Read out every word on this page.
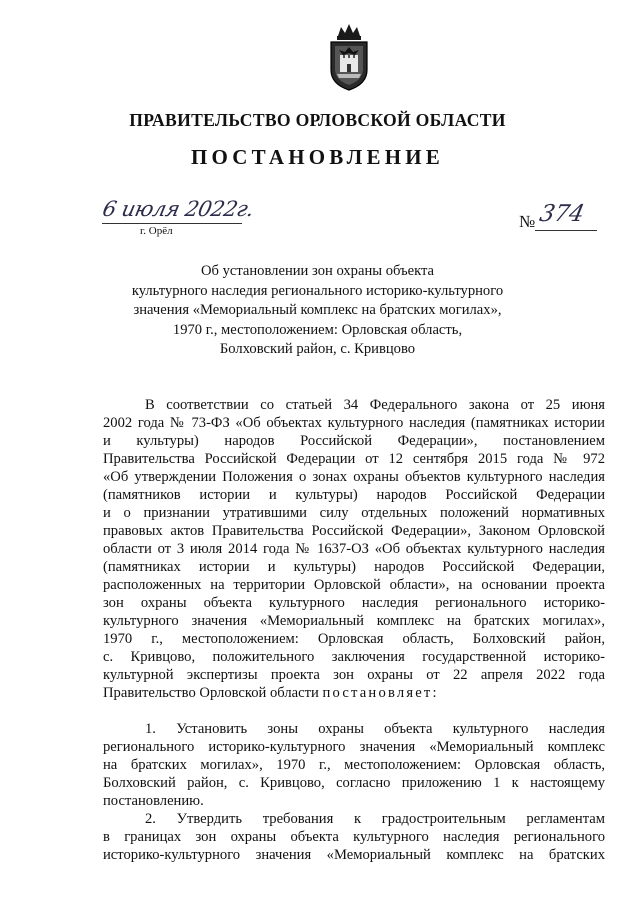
ПРАВИТЕЛЬСТВО ОРЛОВСКОЙ ОБЛАСТИ
ПОСТАНОВЛЕНИЕ
6 июля 2022г.
г. Орёл	№ 374
Об установлении зон охраны объекта
культурного наследия регионального историко-культурного
значения «Мемориальный комплекс на братских могилах»,
1970 г., местоположением: Орловская область,
Болховский район, с. Кривцово
В соответствии со статьей 34 Федерального закона от 25 июня
2002 года № 73-ФЗ «Об объектах культурного наследия (памятниках истории
и культуры) народов Российской Федерации», постановлением
Правительства Российской Федерации от 12 сентября 2015 года № 972
«Об утверждении Положения о зонах охраны объектов культурного наследия
(памятников истории и культуры) народов Российской Федерации
и о признании утратившими силу отдельных положений нормативных
правовых актов Правительства Российской Федерации», Законом Орловской
области от 3 июля 2014 года № 1637-ОЗ «Об объектах культурного наследия
(памятниках истории и культуры) народов Российской Федерации,
расположенных на территории Орловской области», на основании проекта
зон охраны объекта культурного наследия регионального историко-
культурного значения «Мемориальный комплекс на братских могилах»,
1970 г., местоположением: Орловская область, Болховский район,
с. Кривцово, положительного заключения государственной историко-
культурной экспертизы проекта зон охраны от 22 апреля 2022 года
Правительство Орловской области постановляет:
1. Установить зоны охраны объекта культурного наследия
регионального историко-культурного значения «Мемориальный комплекс
на братских могилах», 1970 г., местоположением: Орловская область,
Болховский район, с. Кривцово, согласно приложению 1 к настоящему
постановлению.
2. Утвердить требования к градостроительным регламентам
в границах зон охраны объекта культурного наследия регионального
историко-культурного значения «Мемориальный комплекс на братских
